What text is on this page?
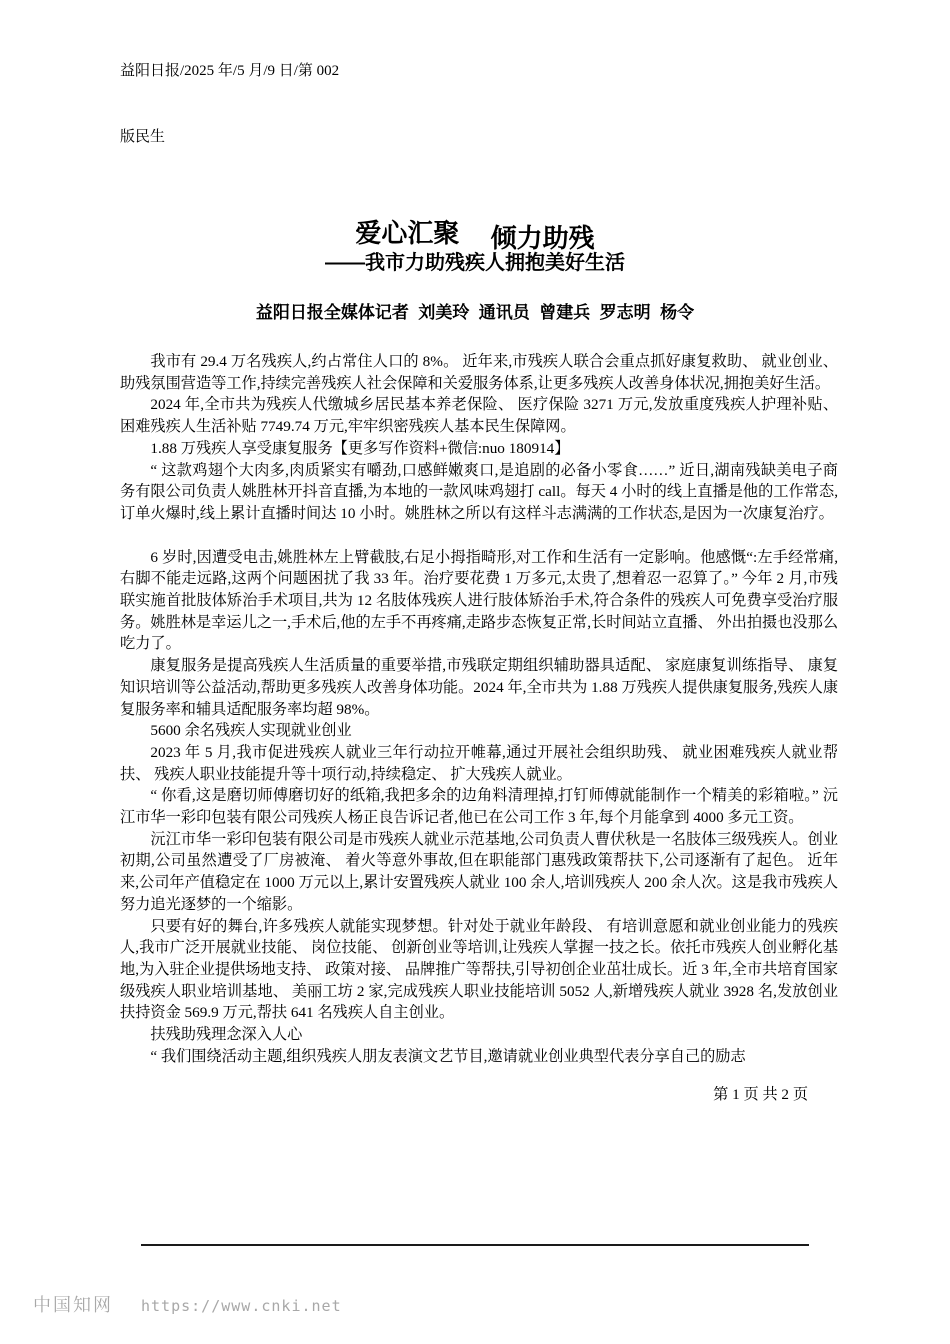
益阳日报/2025 年/5 月/9 日/第 002

版民生

爱心汇聚 倾力助残
——我市力助残疾人拥抱美好生活
益阳日报全媒体记者  刘美玲  通讯员  曾建兵  罗志明  杨令

我市有 29.4 万名残疾人,约占常住人口的 8%。 近年来,市残疾人联合会重点抓好康复救助、 就业创业、 助残氛围营造等工作,持续完善残疾人社会保障和关爱服务体系,让更多残疾人改善身体状况,拥抱美好生活。

2024 年,全市共为残疾人代缴城乡居民基本养老保险、 医疗保险 3271 万元,发放重度残疾人护理补贴、 困难残疾人生活补贴 7749.74 万元,牢牢织密残疾人基本民生保障网。

1.88 万残疾人享受康复服务【更多写作资料+微信:nuo 180914】

“ 这款鸡翅个大肉多,肉质紧实有嚼劲,口感鲜嫩爽口,是追剧的必备小零食……” 近日,湖南残缺美电子商务有限公司负责人姚胜林开抖音直播,为本地的一款风味鸡翅打 call。每天 4 小时的线上直播是他的工作常态,订单火爆时,线上累计直播时间达 10 小时。姚胜林之所以有这样斗志满满的工作状态,是因为一次康复治疗。

6 岁时,因遭受电击,姚胜林左上臂截肢,右足小拇指畸形,对工作和生活有一定影响。他感慨“:左手经常痛,右脚不能走远路,这两个问题困扰了我 33 年。治疗要花费 1 万多元,太贵了,想着忍一忍算了。” 今年 2 月,市残联实施首批肢体矫治手术项目,共为 12 名肢体残疾人进行肢体矫治手术,符合条件的残疾人可免费享受治疗服务。姚胜林是幸运儿之一,手术后,他的左手不再疼痛,走路步态恢复正常,长时间站立直播、 外出拍摄也没那么吃力了。

康复服务是提高残疾人生活质量的重要举措,市残联定期组织辅助器具适配、 家庭康复训练指导、 康复知识培训等公益活动,帮助更多残疾人改善身体功能。2024 年,全市共为 1.88 万残疾人提供康复服务,残疾人康复服务率和辅具适配服务率均超 98%。

5600 余名残疾人实现就业创业

2023 年 5 月,我市促进残疾人就业三年行动拉开帷幕,通过开展社会组织助残、 就业困难残疾人就业帮扶、 残疾人职业技能提升等十项行动,持续稳定、 扩大残疾人就业。

“ 你看,这是磨切师傅磨切好的纸箱,我把多余的边角料清理掉,打钉师傅就能制作一个精美的彩箱啦。” 沅江市华一彩印包装有限公司残疾人杨正良告诉记者,他已在公司工作 3 年,每个月能拿到 4000 多元工资。

沅江市华一彩印包装有限公司是市残疾人就业示范基地,公司负责人曹伏秋是一名肢体三级残疾人。创业初期,公司虽然遭受了厂房被淹、 着火等意外事故,但在职能部门惠残政策帮扶下,公司逐渐有了起色。 近年来,公司年产值稳定在 1000 万元以上,累计安置残疾人就业 100 余人,培训残疾人 200 余人次。这是我市残疾人努力追光逐梦的一个缩影。

只要有好的舞台,许多残疾人就能实现梦想。针对处于就业年龄段、 有培训意愿和就业创业能力的残疾人,我市广泛开展就业技能、 岗位技能、 创新创业等培训,让残疾人掌握一技之长。依托市残疾人创业孵化基地,为入驻企业提供场地支持、 政策对接、 品牌推广等帮扶,引导初创企业茁壮成长。近 3 年,全市共培育国家级残疾人职业培训基地、 美丽工坊 2 家,完成残疾人职业技能培训 5052 人,新增残疾人就业 3928 名,发放创业扶持资金 569.9 万元,帮扶 641 名残疾人自主创业。

扶残助残理念深入人心

“ 我们围绕活动主题,组织残疾人朋友表演文艺节目,邀请就业创业典型代表分享自己的励志

第 1 页 共 2 页
中国知网 https://www.cnki.net
